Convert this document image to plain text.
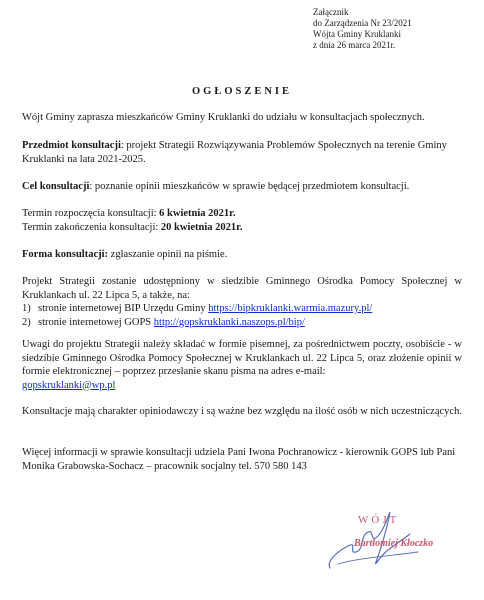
Załącznik
do Zarządzenia Nr 23/2021
Wójta Gminy Kruklanki
z dnia 26 marca 2021r.
OGŁOSZENIE
Wójt Gminy zaprasza mieszkańców Gminy Kruklanki do udziału w konsultacjach społecznych.
Przedmiot konsultacji: projekt Strategii Rozwiązywania Problemów Społecznych na terenie Gminy Kruklanki na lata 2021-2025.
Cel konsultacji: poznanie opinii mieszkańców w sprawie będącej przedmiotem konsultacji.
Termin rozpoczęcia konsultacji: 6 kwietnia 2021r.
Termin zakończenia konsultacji: 20 kwietnia 2021r.
Forma konsultacji: zgłaszanie opinii na piśmie.
Projekt Strategii zostanie udostępniony w siedzibie Gminnego Ośrodka Pomocy Społecznej w Kruklankach ul. 22 Lipca 5, a także, na:
1) stronie internetowej BIP Urzędu Gminy https://bipkruklanki.warmia.mazury.pl/
2) stronie internetowej GOPS http://gopskruklanki.naszops.pl/bip/
Uwagi do projektu Strategii należy składać w formie pisemnej, za pośrednictwem poczty, osobiście - w siedzibie Gminnego Ośrodka Pomocy Społecznej w Kruklankach ul. 22 Lipca 5, oraz złożenie opinii w formie elektronicznej – poprzez przesłanie skanu pisma na adres e-mail:
gopskruklanki@wp.pl
Konsultacje mają charakter opiniodawczy i są ważne bez względu na ilość osób w nich uczestniczących.
Więcej informacji w sprawie konsultacji udziela Pani Iwona Pochranowicz - kierownik GOPS lub Pani Monika Grabowska-Sochacz – pracownik socjalny tel. 570 580 143
WÓJT
Bartłomiej Kłoczko
